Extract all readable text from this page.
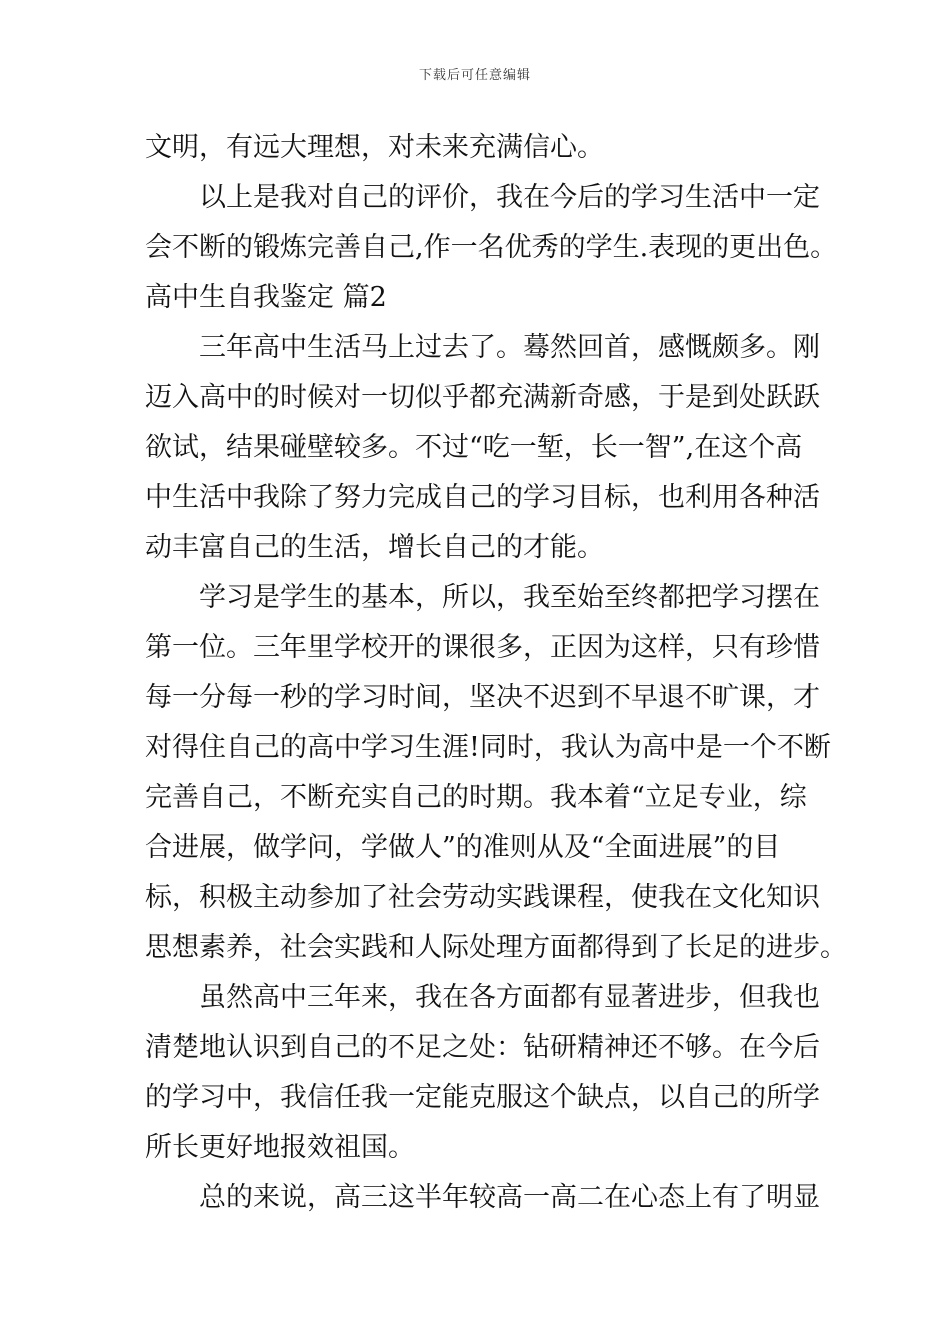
下载后可任意编辑
文明，有远大理想，对未来充满信心。
以上是我对自己的评价，我在今后的学习生活中一定
会不断的锻炼完善自己,作一名优秀的学生.表现的更出色。
高中生自我鉴定 篇2
三年高中生活马上过去了。蓦然回首，感慨颇多。刚
迈入高中的时候对一切似乎都充满新奇感，于是到处跃跃
欲试，结果碰壁较多。不过“吃一堑，长一智”,在这个高
中生活中我除了努力完成自己的学习目标，也利用各种活
动丰富自己的生活，增长自己的才能。
学习是学生的基本，所以，我至始至终都把学习摆在
第一位。三年里学校开的课很多，正因为这样，只有珍惜
每一分每一秒的学习时间，坚决不迟到不早退不旷课，才
对得住自己的高中学习生涯!同时，我认为高中是一个不断
完善自己，不断充实自己的时期。我本着“立足专业，综
合进展，做学问，学做人”的准则从及“全面进展”的目
标，积极主动参加了社会劳动实践课程，使我在文化知识
思想素养，社会实践和人际处理方面都得到了长足的进步。
虽然高中三年来，我在各方面都有显著进步，但我也
清楚地认识到自己的不足之处：钻研精神还不够。在今后
的学习中，我信任我一定能克服这个缺点，以自己的所学
所长更好地报效祖国。
总的来说，高三这半年较高一高二在心态上有了明显
